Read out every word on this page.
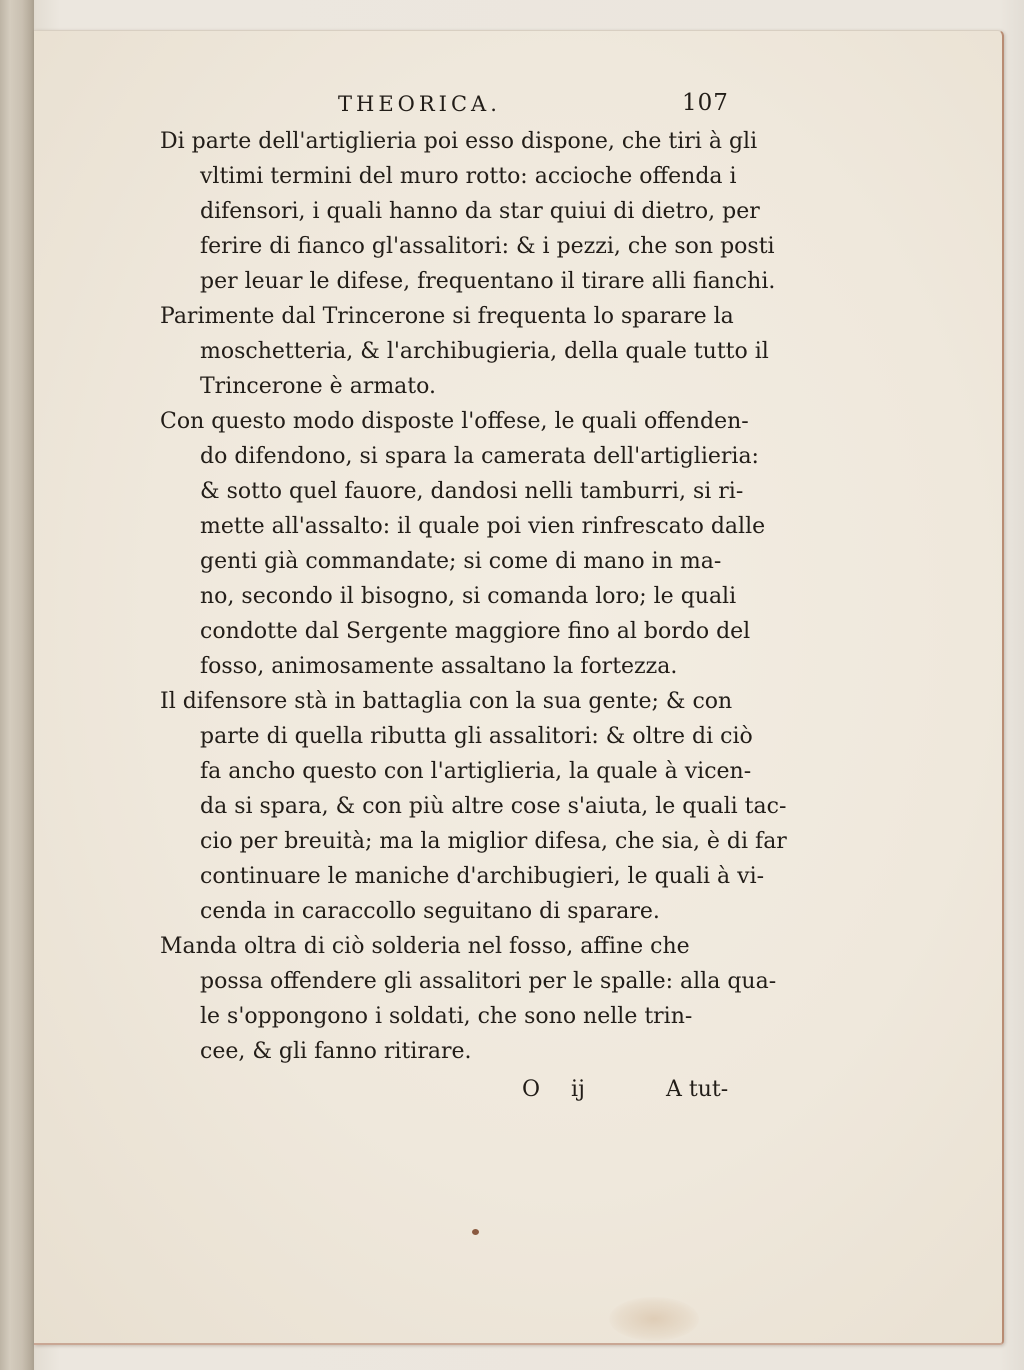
THEORICA.	107
Di parte dell'artiglieria poi esso dispone, che tiri à gli
vltimi termini del muro rotto: accioche offenda i
difensori, i quali hanno da star quiui di dietro, per
ferire di fianco gl'assalitori: & i pezzi, che son posti
per leuar le difese, frequentano il tirare alli fianchi.
Parimente dal Trincerone si frequenta lo sparare la
moschetteria, & l'archibugieria, della quale tutto il
Trincerone è armato.
Con questo modo disposte l'offese, le quali offenden-
do difendono, si spara la camerata dell'artiglieria:
& sotto quel fauore, dandosi nelli tamburri, si ri-
mette all'assalto: il quale poi vien rinfrescato dalle
genti già commandate; si come di mano in ma-
no, secondo il bisogno, si comanda loro; le quali
condotte dal Sergente maggiore fino al bordo del
fosso, animosamente assaltano la fortezza.
Il difensore stà in battaglia con la sua gente; & con
parte di quella ributta gli assalitori: & oltre di ciò
fa ancho questo con l'artiglieria, la quale à vicen-
da si spara, & con più altre cose s'aiuta, le quali tac-
cio per breuità; ma la miglior difesa, che sia, è di far
continuare le maniche d'archibugieri, le quali à vi-
cenda in caraccollo seguitano di sparare.
Manda oltra di ciò solderia nel fosso, affine che
possa offendere gli assalitori per le spalle: alla qua-
le s'oppongono i soldati, che sono nelle trin-
cee, & gli fanno ritirare.
O ij	A tut-
